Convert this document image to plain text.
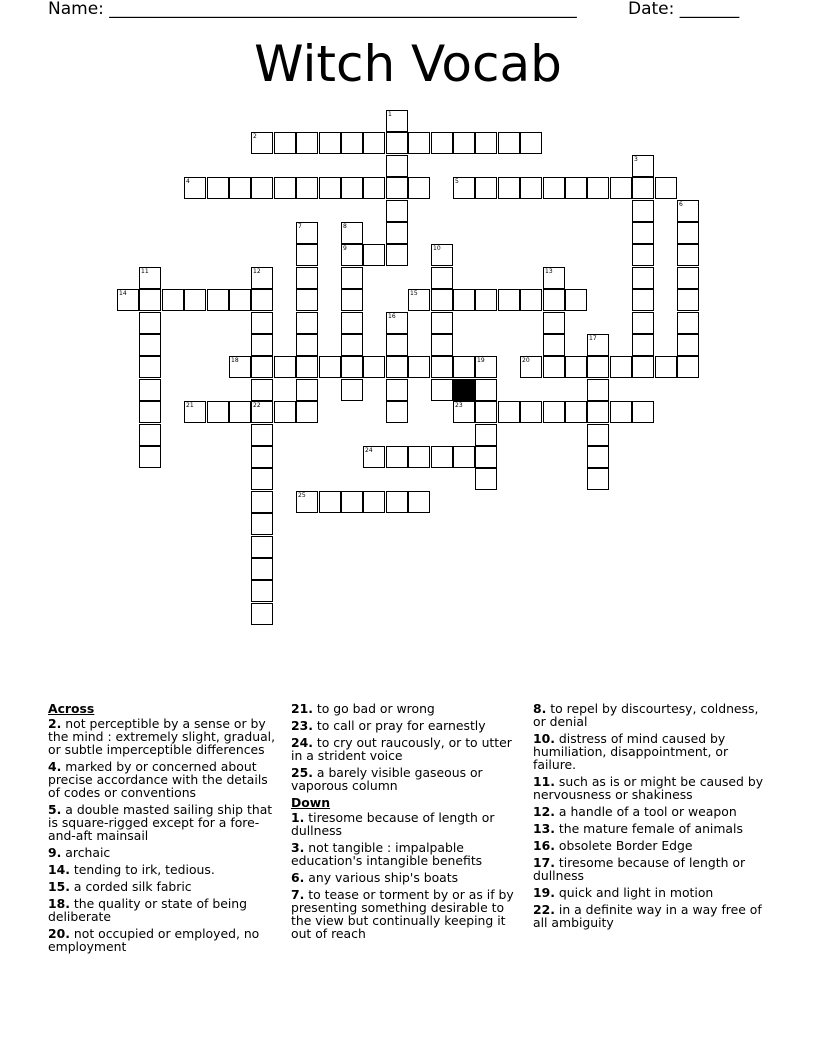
Name: _______________________________________________________	Date: _______
Witch Vocab
1
2
3
4	5
6
7	8
9	10
11	12	13
14	15
16
17
18	19	20
21	22	23
24
25
Across
2. not perceptible by a sense or by the mind : extremely slight, gradual, or subtle imperceptible differences
4. marked by or concerned about precise accordance with the details of codes or conventions
5. a double masted sailing ship that is square-rigged except for a fore-and-aft mainsail
9. archaic
14. tending to irk, tedious.
15. a corded silk fabric
18. the quality or state of being deliberate
20. not occupied or employed, no employment
21. to go bad or wrong
23. to call or pray for earnestly
24. to cry out raucously, or to utter in a strident voice
25. a barely visible gaseous or vaporous column
Down
1. tiresome because of length or dullness
3. not tangible : impalpable education's intangible benefits
6. any various ship's boats
7. to tease or torment by or as if by presenting something desirable to the view but continually keeping it out of reach
8. to repel by discourtesy, coldness, or denial
10. distress of mind caused by humiliation, disappointment, or failure.
11. such as is or might be caused by nervousness or shakiness
12. a handle of a tool or weapon
13. the mature female of animals
16. obsolete Border Edge
17. tiresome because of length or dullness
19. quick and light in motion
22. in a definite way in a way free of all ambiguity
